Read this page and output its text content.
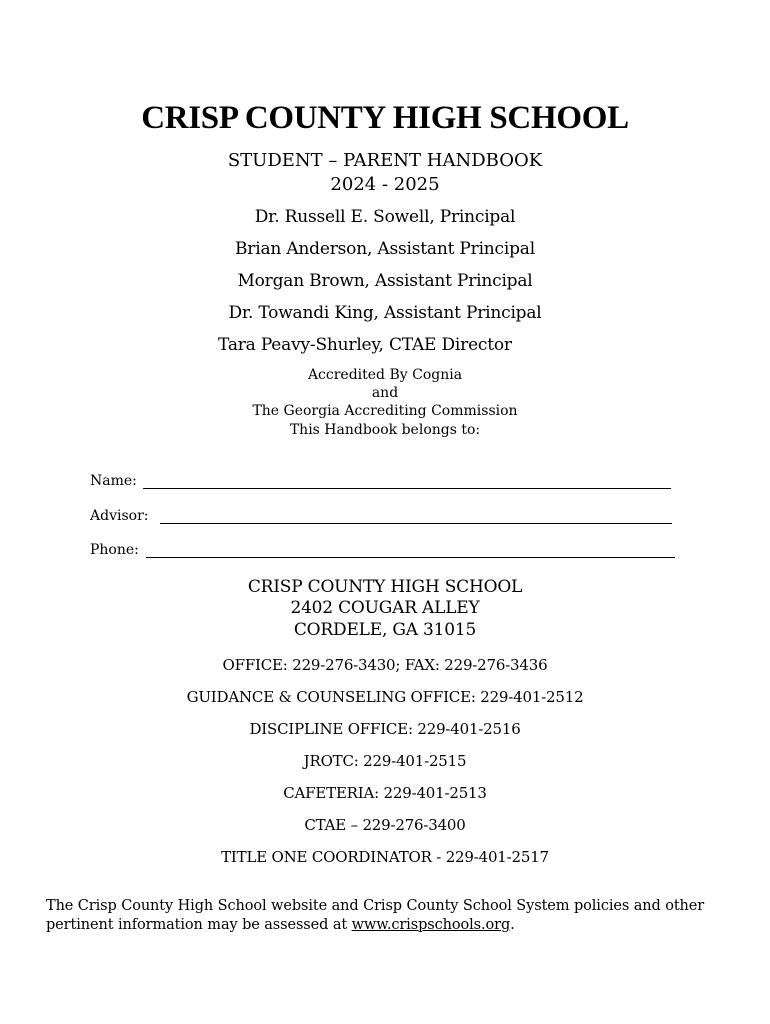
CRISP COUNTY HIGH SCHOOL
STUDENT – PARENT HANDBOOK
2024 - 2025
Dr. Russell E. Sowell, Principal
Brian Anderson, Assistant Principal
Morgan Brown, Assistant Principal
Dr. Towandi King, Assistant Principal
Tara Peavy-Shurley, CTAE Director
Accredited By Cognia
and
The Georgia Accrediting Commission
This Handbook belongs to:
Name:
Advisor:
Phone:
CRISP COUNTY HIGH SCHOOL
2402 COUGAR ALLEY
CORDELE, GA 31015
OFFICE: 229-276-3430; FAX: 229-276-3436
GUIDANCE & COUNSELING OFFICE: 229-401-2512
DISCIPLINE OFFICE: 229-401-2516
JROTC: 229-401-2515
CAFETERIA: 229-401-2513
CTAE – 229-276-3400
TITLE ONE COORDINATOR - 229-401-2517
The Crisp County High School website and Crisp County School System policies and other pertinent information may be assessed at www.crispschools.org.
